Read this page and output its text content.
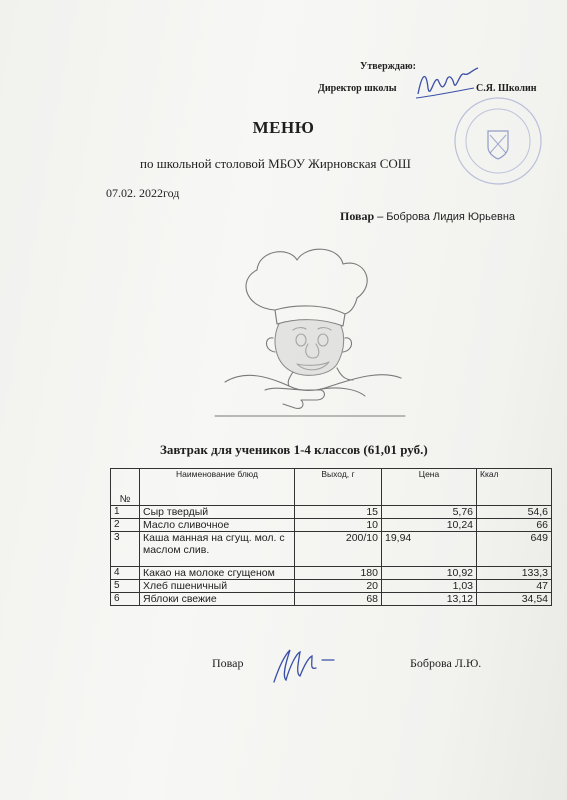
Утверждаю:
Директор школы	С.Я. Школин
МЕНЮ
по школьной столовой МБОУ Жирновская СОШ
07.02. 2022год
Повар – Боброва Лидия Юрьевна
Завтрак для учеников 1-4 классов (61,01 руб.)
№	Наименование блюд	Выход, г	Цена	Ккал
1	Сыр твердый	15	5,76	54,6
2	Масло сливочное	10	10,24	66
3	Каша манная на сгущ. мол. с маслом слив.	200/10	19,94	649
4	Какао на молоке сгущеном	180	10,92	133,3
5	Хлеб пшеничный	20	1,03	47
6	Яблоки свежие	68	13,12	34,54
Повар	Боброва Л.Ю.
